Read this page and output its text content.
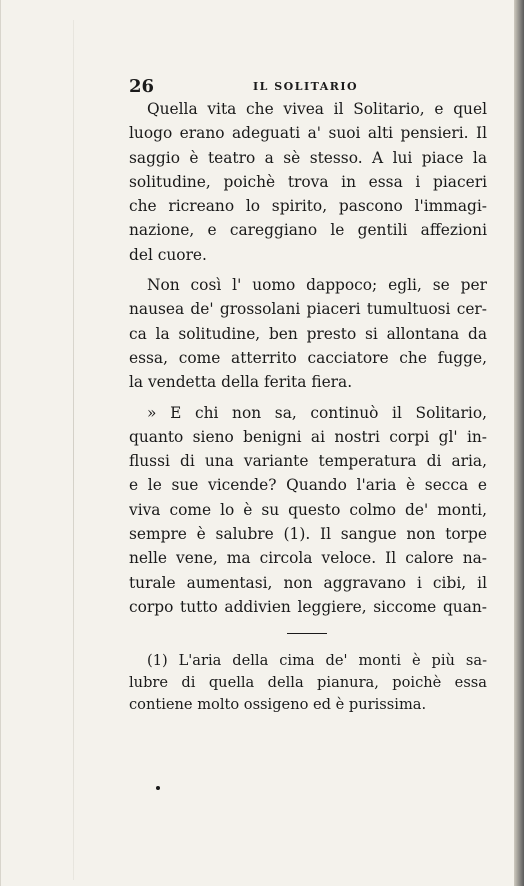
26	IL SOLITARIO
Quella vita che vivea il Solitario, e quel
luogo erano adeguati a' suoi alti pensieri. Il
saggio è teatro a sè stesso. A lui piace la
solitudine, poichè trova in essa i piaceri
che ricreano lo spirito, pascono l'immagi-
nazione, e careggiano le gentili affezioni
del cuore.
Non così l' uomo dappoco; egli, se per
nausea de' grossolani piaceri tumultuosi cer-
ca la solitudine, ben presto si allontana da
essa, come atterrito cacciatore che fugge,
la vendetta della ferita fiera.
» E chi non sa, continuò il Solitario,
quanto sieno benigni ai nostri corpi gl' in-
flussi di una variante temperatura di aria,
e le sue vicende? Quando l'aria è secca e
viva come lo è su questo colmo de' monti,
sempre è salubre (1). Il sangue non torpe
nelle vene, ma circola veloce. Il calore na-
turale aumentasi, non aggravano i cibi, il
corpo tutto addivien leggiere, siccome quan-
(1) L'aria della cima de' monti è più sa-
lubre di quella della pianura, poichè essa
contiene molto ossigeno ed è purissima.
